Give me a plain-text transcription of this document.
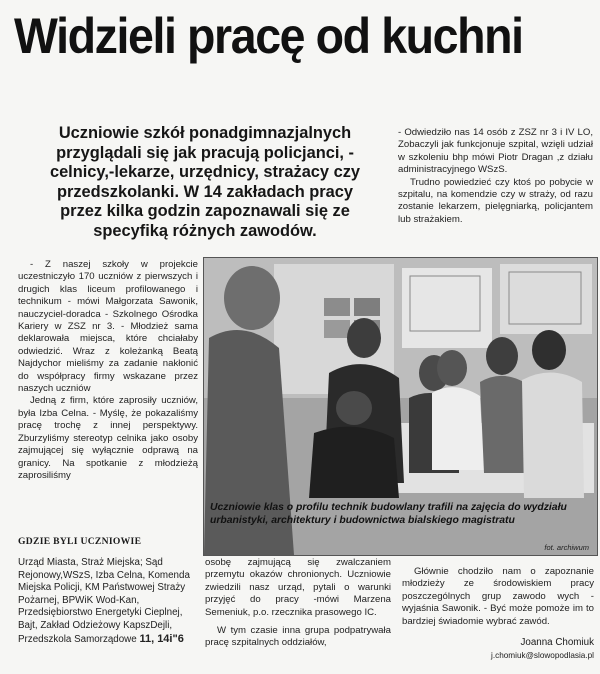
Widzieli pracę od kuchni
Uczniowie szkół ponadgimnazjalnych przyglądali się jak pracują policjanci, - celnicy,-lekarze, urzędnicy, strażacy czy przedszkolanki. W 14 zakładach pracy przez kilka godzin zapoznawali się ze specyfiką różnych zawodów.

- Odwiedziło nas 14 osób z ZSZ nr 3 i IV LO, Zobaczyli jak funkcjonuje szpital, wzięli udział w szkoleniu bhp mówi Piotr Dragan ,z działu administracyjnego WSzS.

Trudno powiedzieć czy ktoś po pobycie w szpitalu, na komendzie czy w straży, od razu zostanie lekarzem, pielęgniarką, policjantem lub strażakiem.

- Z naszej szkoły w projekcie uczestniczyło 170 uczniów z pierwszych i drugich klas liceum profilowanego i technikum - mówi Małgorzata Sawonik, nauczyciel-doradca - Szkolnego Ośrodka Kariery w ZSZ nr 3. - Młodzież sama deklarowała miejsca, które chciałaby odwiedzić. Wraz z koleżanką Beatą Najdychor mieliśmy za zadanie nakłonić do współpracy firmy wskazane przez naszych uczniów

Jedną z firm, które zaprosiły uczniów, była Izba Celna. - Myślę, że pokazaliśmy pracę trochę z innej perspektywy. Zburzyliśmy stereotyp celnika jako osoby zajmującej się wyłącznie odprawą na granicy. Na spotkanie z młodzieżą zaprosiliśmy

Uczniowie klas o profilu technik budowlany trafili na zajęcia do wydziału urbanistyki, architektury i budownictwa bialskiego magistratu
fot. archiwum
GDZIE BYLI UCZNIOWIE
Urząd Miasta, Straż Miejska; Sąd Rejonowy,WSzS, Izba Celna, Komenda Miejska Policji, KM Państwowej Straży Pożarnej, BPWiK Wod-Kan, Przedsiębiorstwo Energetyki Cieplnej, Bajt, Zakład Odzieżowy KapszDejli, Przedszkola Samorządowe 11, 14i"6

osobę zajmującą się zwalczaniem przemytu okazów chronionych. Uczniowie zwiedzili nasz urząd, pytali o warunki przyjęć do pracy -mówi Marzena Semeniuk, p.o. rzecznika prasowego IC.

W tym czasie inna grupa podpatrywała pracę szpitalnych oddziałów,

Głównie chodziło nam o zapoznanie młodzieży ze środowiskiem pracy poszczególnych grup zawodo wych - wyjaśnia Sawonik. - Być może pomoże im to bardziej świadomie wybrać zawód.

Joanna Chomiuk
j.chomiuk@slowopodlasia.pl
